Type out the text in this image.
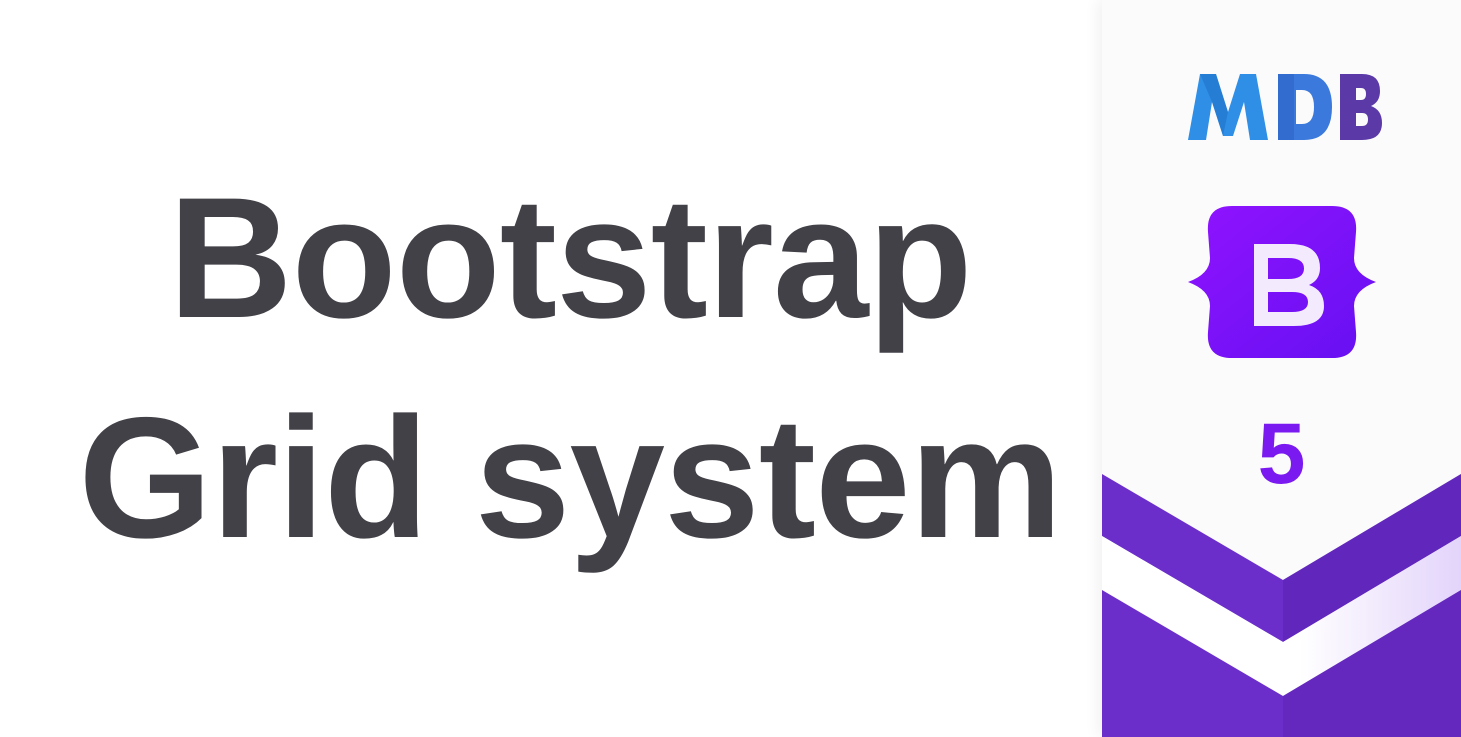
Bootstrap
Grid system	5
